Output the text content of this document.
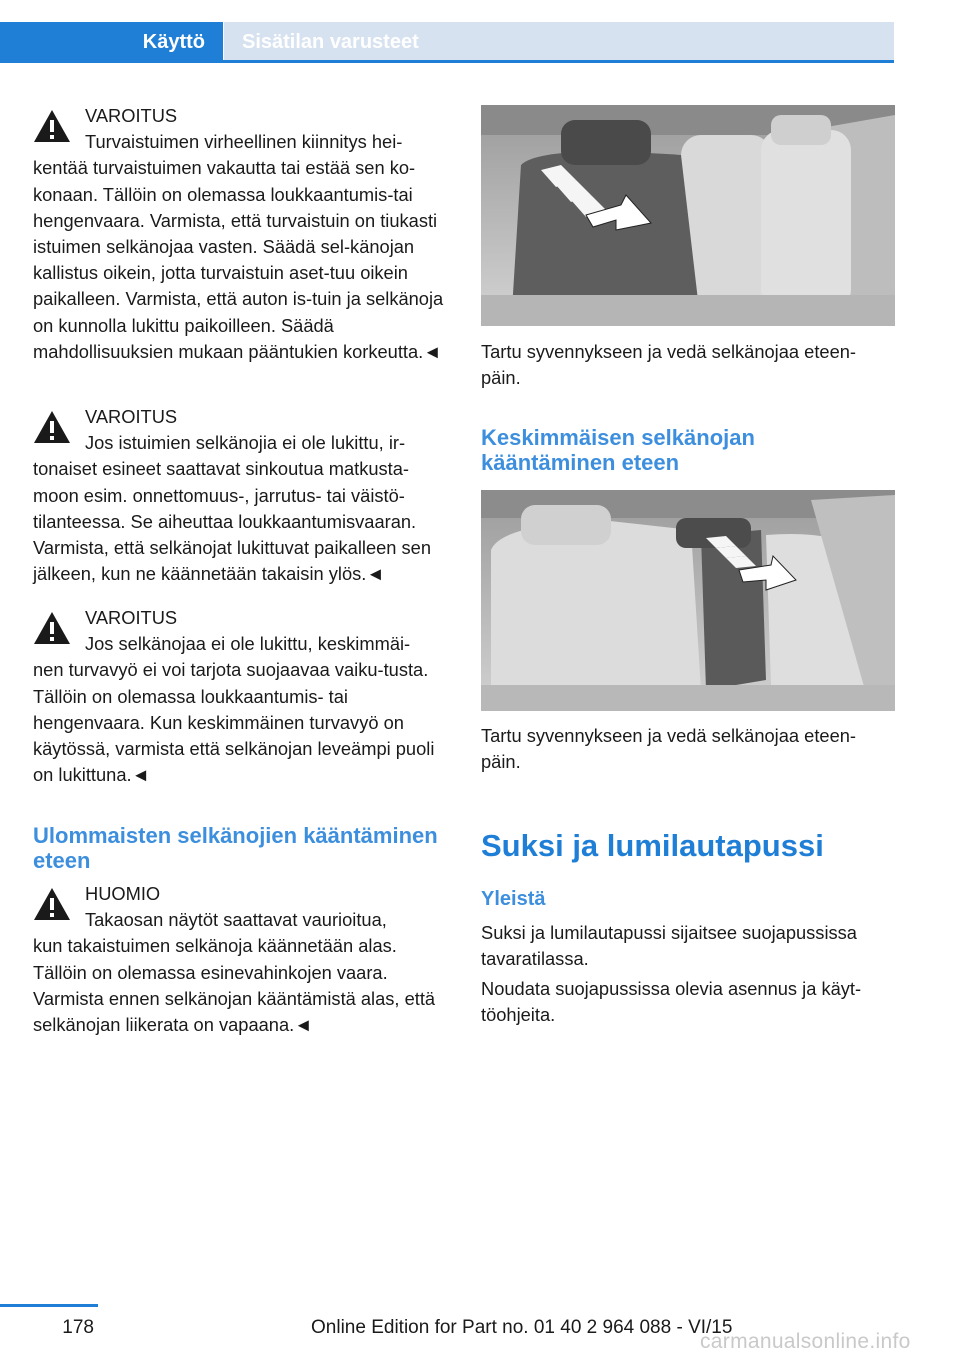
Käyttö	Sisätilan varusteet
VAROITUS
Turvaistuimen virheellinen kiinnitys hei-
kentää turvaistuimen vakautta tai estää sen ko-konaan. Tällöin on olemassa loukkaantumis-tai hengenvaara. Varmista, että turvaistuin on tiukasti istuimen selkänojaa vasten. Säädä sel-känojan kallistus oikein, jotta turvaistuin aset-tuu oikein paikalleen. Varmista, että auton is-tuin ja selkänoja on kunnolla lukittu paikoilleen. Säädä mahdollisuuksien mukaan pääntukien korkeutta.◄
VAROITUS
Jos istuimien selkänojia ei ole lukittu, ir-
tonaiset esineet saattavat sinkoutua matkusta-moon esim. onnettomuus-, jarrutus- tai väistö-tilanteessa. Se aiheuttaa loukkaantumisvaaran. Varmista, että selkänojat lukittuvat paikalleen sen jälkeen, kun ne käännetään takaisin ylös.◄
VAROITUS
Jos selkänojaa ei ole lukittu, keskimmäi-
nen turvavyö ei voi tarjota suojaavaa vaiku-tusta. Tällöin on olemassa loukkaantumis- tai hengenvaara. Kun keskimmäinen turvavyö on käytössä, varmista että selkänojan leveämpi puoli on lukittuna.◄
Ulommaisten selkänojien kääntäminen eteen
HUOMIO
Takaosan näytöt saattavat vaurioitua,
kun takaistuimen selkänoja käännetään alas. Tällöin on olemassa esinevahinkojen vaara. Varmista ennen selkänojan kääntämistä alas, että selkänojan liikerata on vapaana.◄
Tartu syvennykseen ja vedä selkänojaa eteen-päin.
Keskimmäisen selkänojan kääntäminen eteen
Tartu syvennykseen ja vedä selkänojaa eteen-päin.
Suksi ja lumilautapussi
Yleistä
Suksi ja lumilautapussi sijaitsee suojapussissa tavaratilassa.
Noudata suojapussissa olevia asennus ja käyt-töohjeita.
178	Online Edition for Part no. 01 40 2 964 088 - VI/15
carmanualsonline.info
